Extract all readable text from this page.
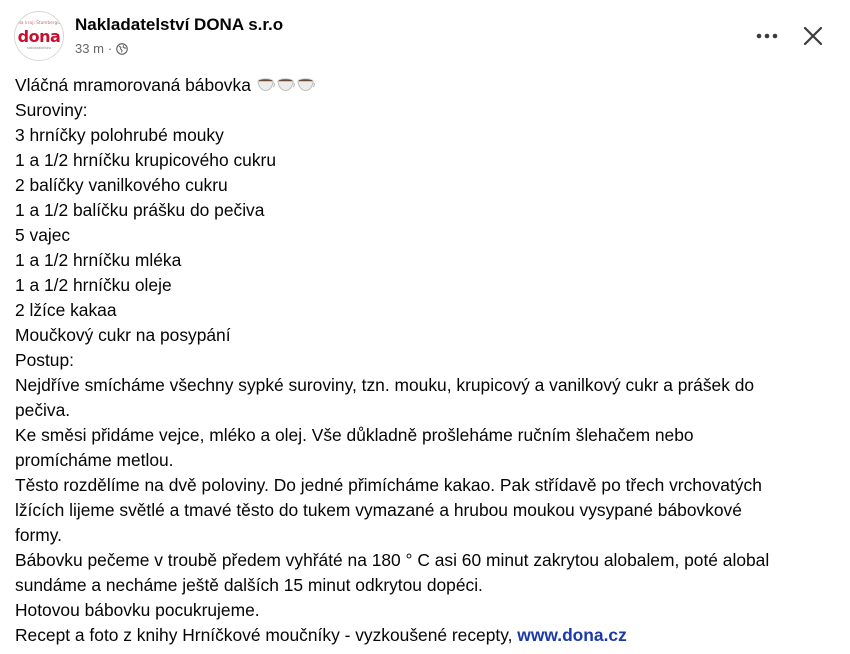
Na kraji Štambergu
dona
nakladatelství
Nakladatelství DONA s.r.o
33 m ·
Vláčná mramorovaná bábovka
Suroviny:
3 hrníčky polohrubé mouky
1 a 1/2 hrníčku krupicového cukru
2 balíčky vanilkového cukru
1 a 1/2 balíčku prášku do pečiva
5 vajec
1 a 1/2 hrníčku mléka
1 a 1/2 hrníčku oleje
2 lžíce kakaa
Moučkový cukr na posypání
Postup:
Nejdříve smícháme všechny sypké suroviny, tzn. mouku, krupicový a vanilkový cukr a prášek do
pečiva.
Ke směsi přidáme vejce, mléko a olej. Vše důkladně prošleháme ručním šlehačem nebo
promícháme metlou.
Těsto rozdělíme na dvě poloviny. Do jedné přimícháme kakao. Pak střídavě po třech vrchovatých
lžících lijeme světlé a tmavé těsto do tukem vymazané a hrubou moukou vysypané bábovkové
formy.
Bábovku pečeme v troubě předem vyhřáté na 180 ° C asi 60 minut zakrytou alobalem, poté alobal
sundáme a necháme ještě dalších 15 minut odkrytou dopéci.
Hotovou bábovku pocukrujeme.
Recept a foto z knihy Hrníčkové moučníky - vyzkoušené recepty, www.dona.cz
